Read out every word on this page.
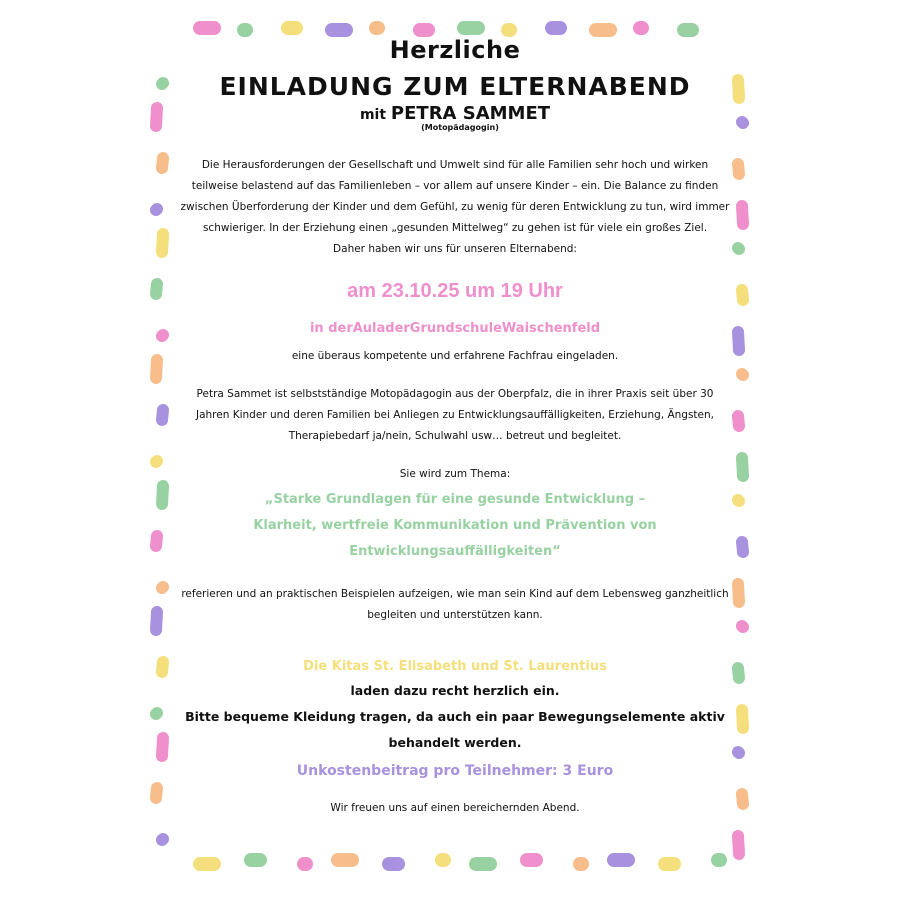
Herzliche
EINLADUNG ZUM ELTERNABEND
mit PETRA SAMMET
(Motopädagogin)

Die Herausforderungen der Gesellschaft und Umwelt sind für alle Familien sehr hoch und wirken teilweise belastend auf das Familienleben – vor allem auf unsere Kinder – ein. Die Balance zu finden zwischen Überforderung der Kinder und dem Gefühl, zu wenig für deren Entwicklung zu tun, wird immer schwieriger. In der Erziehung einen „gesunden Mittelweg“ zu gehen ist für viele ein großes Ziel.

Daher haben wir uns für unseren Elternabend:

am 23.10.25 um 19 Uhr
in derAuladerGrundschuleWaischenfeld

eine überaus kompetente und erfahrene Fachfrau eingeladen.

Petra Sammet ist selbstständige Motopädagogin aus der Oberpfalz, die in ihrer Praxis seit über 30 Jahren Kinder und deren Familien bei Anliegen zu Entwicklungsauffälligkeiten, Erziehung, Ängsten, Therapiebedarf ja/nein, Schulwahl usw… betreut und begleitet.

Sie wird zum Thema:

„Starke Grundlagen für eine gesunde Entwicklung –
Klarheit, wertfreie Kommunikation und Prävention von
Entwicklungsauffälligkeiten“

referieren und an praktischen Beispielen aufzeigen, wie man sein Kind auf dem Lebensweg ganzheitlich begleiten und unterstützen kann.

Die Kitas St. Elisabeth und St. Laurentius
laden dazu recht herzlich ein.
Bitte bequeme Kleidung tragen, da auch ein paar Bewegungselemente aktiv behandelt werden.
Unkostenbeitrag pro Teilnehmer: 3 Euro
Wir freuen uns auf einen bereichernden Abend.
